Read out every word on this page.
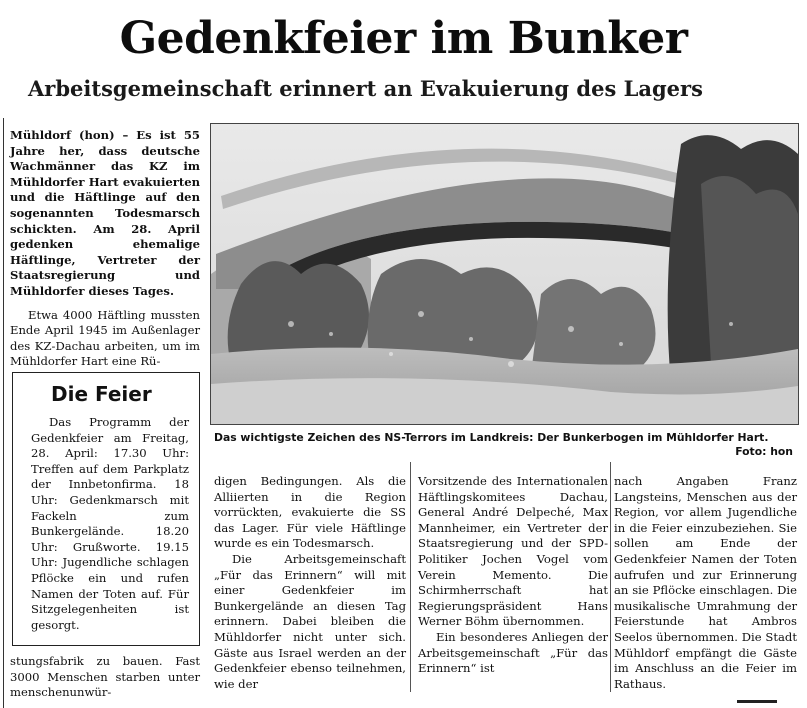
Gedenkfeier im Bunker
Arbeitsgemeinschaft erinnert an Evakuierung des Lagers

Mühldorf (hon) – Es ist 55 Jahre her, dass deutsche Wachmänner das KZ im Mühldorfer Hart evakuierten und die Häftlinge auf den sogenannten Todesmarsch schickten. Am 28. April gedenken ehemalige Häftlinge, Vertreter der Staatsregierung und Mühldorfer dieses Tages.

Etwa 4000 Häftling mussten Ende April 1945 im Außenlager des KZ-Dachau arbeiten, um im Mühldorfer Hart eine Rü-

Die Feier
Das Programm der Gedenkfeier am Freitag, 28. April: 17.30 Uhr: Treffen auf dem Parkplatz der Innbetonfirma. 18 Uhr: Gedenkmarsch mit Fackeln zum Bunkergelände. 18.20 Uhr: Grußworte. 19.15 Uhr: Jugendliche schlagen Pflöcke ein und rufen Namen der Toten auf. Für Sitzgelegenheiten ist gesorgt.

stungsfabrik zu bauen. Fast 3000 Menschen starben unter menschenunwür-

Das wichtigste Zeichen des NS-Terrors im Landkreis: Der Bunkerbogen im Mühldorfer Hart.
Foto: hon

digen Bedingungen. Als die Alliierten in die Region vorrückten, evakuierte die SS das Lager. Für viele Häftlinge wurde es ein Todesmarsch.

Die Arbeitsgemeinschaft „Für das Erinnern“ will mit einer Gedenkfeier im Bunkergelände an diesen Tag erinnern. Dabei bleiben die Mühldorfer nicht unter sich. Gäste aus Israel werden an der Gedenkfeier ebenso teilnehmen, wie der

Vorsitzende des Internationalen Häftlingskomitees Dachau, General André Delpeché, Max Mannheimer, ein Vertreter der Staatsregierung und der SPD-Politiker Jochen Vogel vom Verein Memento. Die Schirmherrschaft hat Regierungspräsident Hans Werner Böhm übernommen.

Ein besonderes Anliegen der Arbeitsgemeinschaft „Für das Erinnern“ ist

nach Angaben Franz Langsteins, Menschen aus der Region, vor allem Jugendliche in die Feier einzubeziehen. Sie sollen am Ende der Gedenkfeier Namen der Toten aufrufen und zur Erinnerung an sie Pflöcke einschlagen. Die musikalische Umrahmung der Feierstunde hat Ambros Seelos übernommen. Die Stadt Mühldorf empfängt die Gäste im Anschluss an die Feier im Rathaus.
